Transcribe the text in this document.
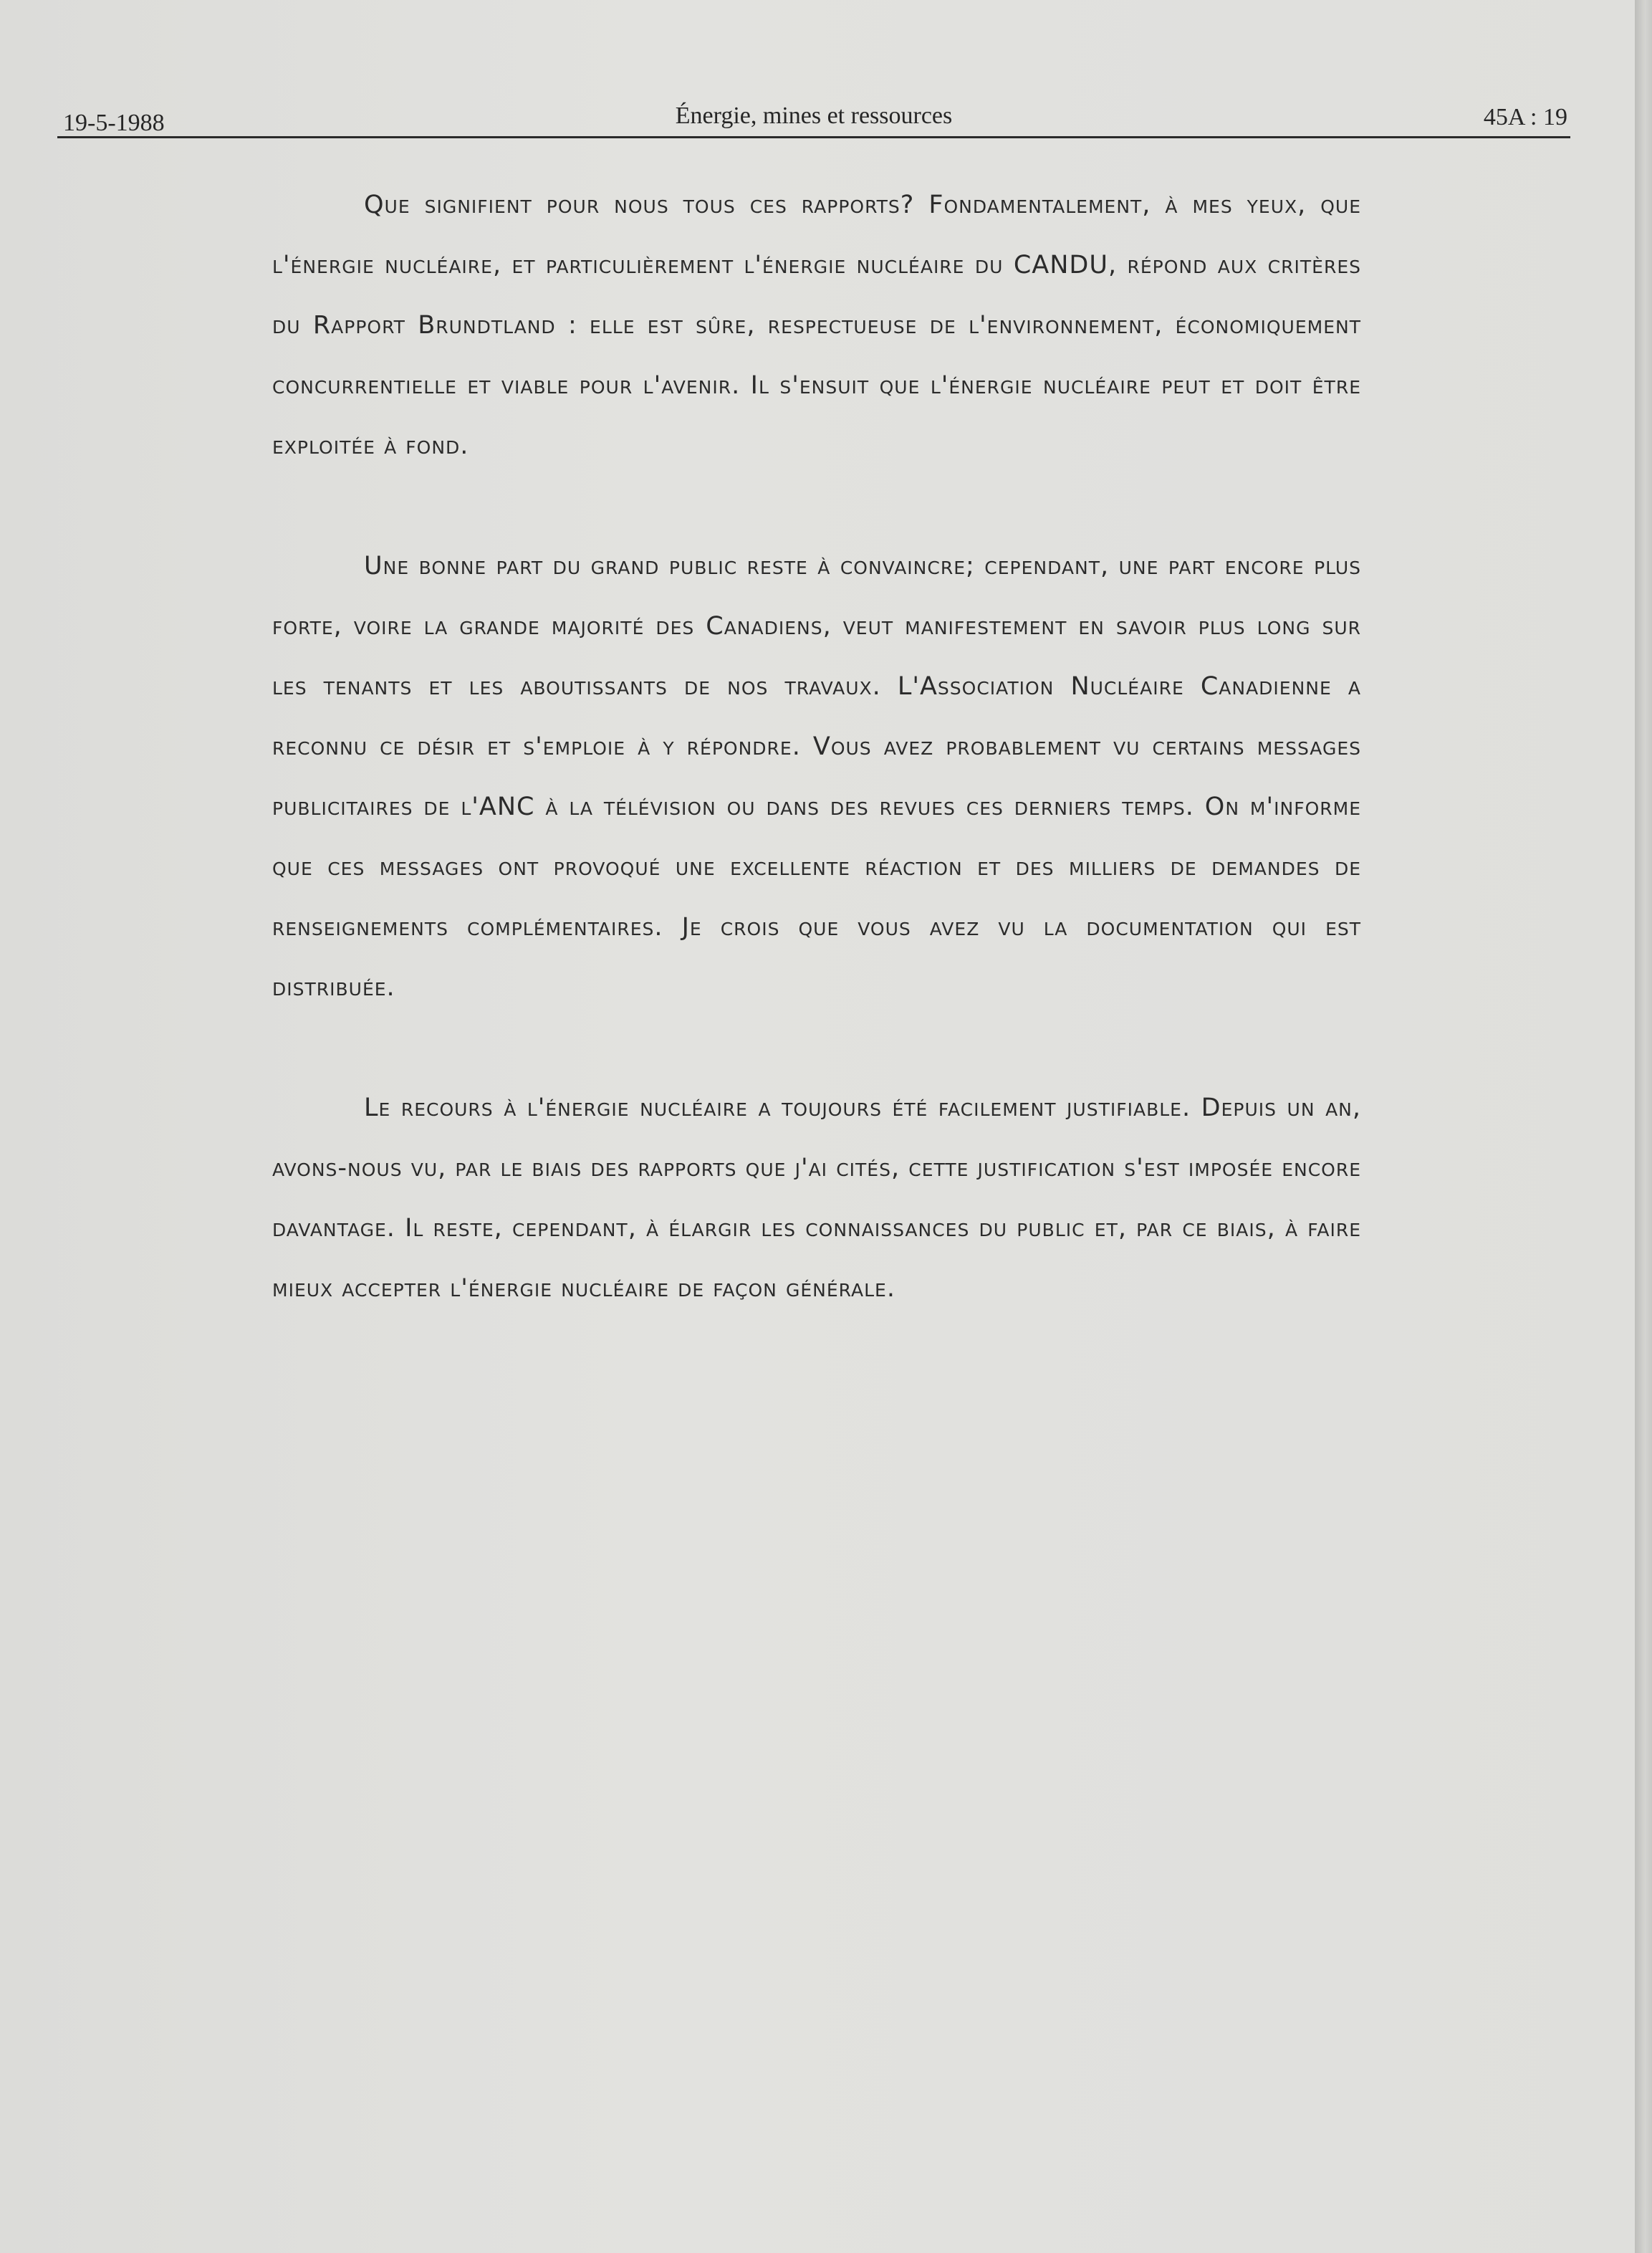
19-5-1988	Énergie, mines et ressources	45A : 19

Que signifient pour nous tous ces rapports? Fondamentalement, à mes yeux, que l'énergie nucléaire, et particulièrement l'énergie nucléaire du CANDU, répond aux critères du Rapport Brundtland : elle est sûre, respectueuse de l'environnement, économiquement concurrentielle et viable pour l'avenir. Il s'ensuit que l'énergie nucléaire peut et doit être exploitée à fond.

Une bonne part du grand public reste à convaincre; cependant, une part encore plus forte, voire la grande majorité des Canadiens, veut manifestement en savoir plus long sur les tenants et les aboutissants de nos travaux. L'Association Nucléaire Canadienne a reconnu ce désir et s'emploie à y répondre. Vous avez probablement vu certains messages publicitaires de l'ANC à la télévision ou dans des revues ces derniers temps. On m'informe que ces messages ont provoqué une excellente réaction et des milliers de demandes de renseignements complémentaires. Je crois que vous avez vu la documentation qui est distribuée.

Le recours à l'énergie nucléaire a toujours été facilement justifiable. Depuis un an, avons-nous vu, par le biais des rapports que j'ai cités, cette justification s'est imposée encore davantage. Il reste, cependant, à élargir les connaissances du public et, par ce biais, à faire mieux accepter l'énergie nucléaire de façon générale.
